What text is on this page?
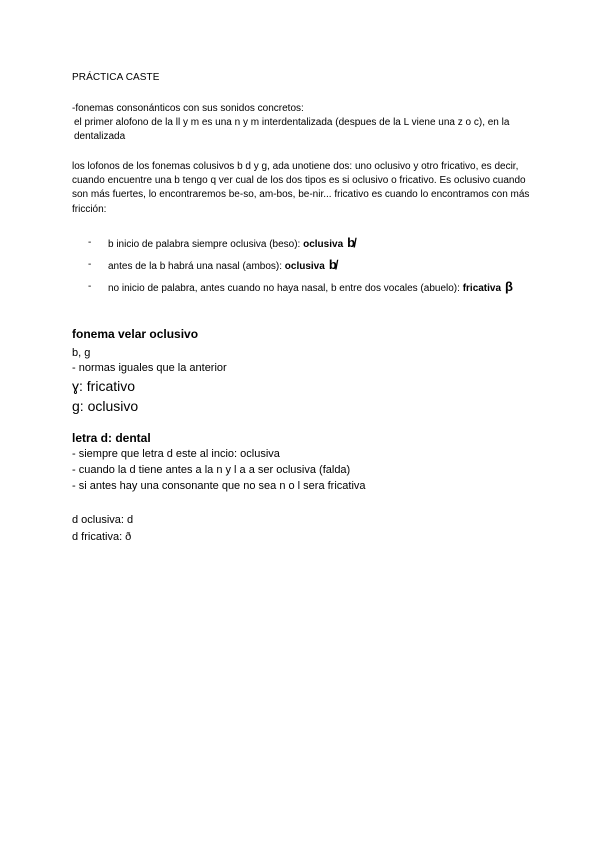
PRÁCTICA CASTE
-fonemas consonánticos con sus sonidos concretos:
el primer alofono de la ll y m es una n y m interdentalizada (despues de la L viene una z o c), en la dentalizada
los lofonos de los fonemas colusivos b d y g, ada unotiene dos: uno oclusivo y otro fricativo, es decir, cuando encuentre una b tengo q ver cual de los dos tipos es si oclusivo o fricativo. Es oclusivo cuando son más fuertes, lo encontraremos be-so, am-bos, be-nir... fricativo es cuando lo encontramos con más fricción:
- b inicio de palabra siempre oclusiva (beso): oclusiva b̸
- antes de la b habrá una nasal (ambos): oclusiva b̸
- no inicio de palabra, antes cuando no haya nasal, b entre dos vocales (abuelo): fricativa β
fonema velar oclusivo
b, g
- normas iguales que la anterior
ɣ: fricativo
g: oclusivo
letra d: dental
- siempre que letra d este al incio: oclusiva
- cuando la d tiene antes a la n y l a a ser oclusiva (falda)
- si antes hay una consonante que no sea n o l sera fricativa
d oclusiva: d
d fricativa: ð
